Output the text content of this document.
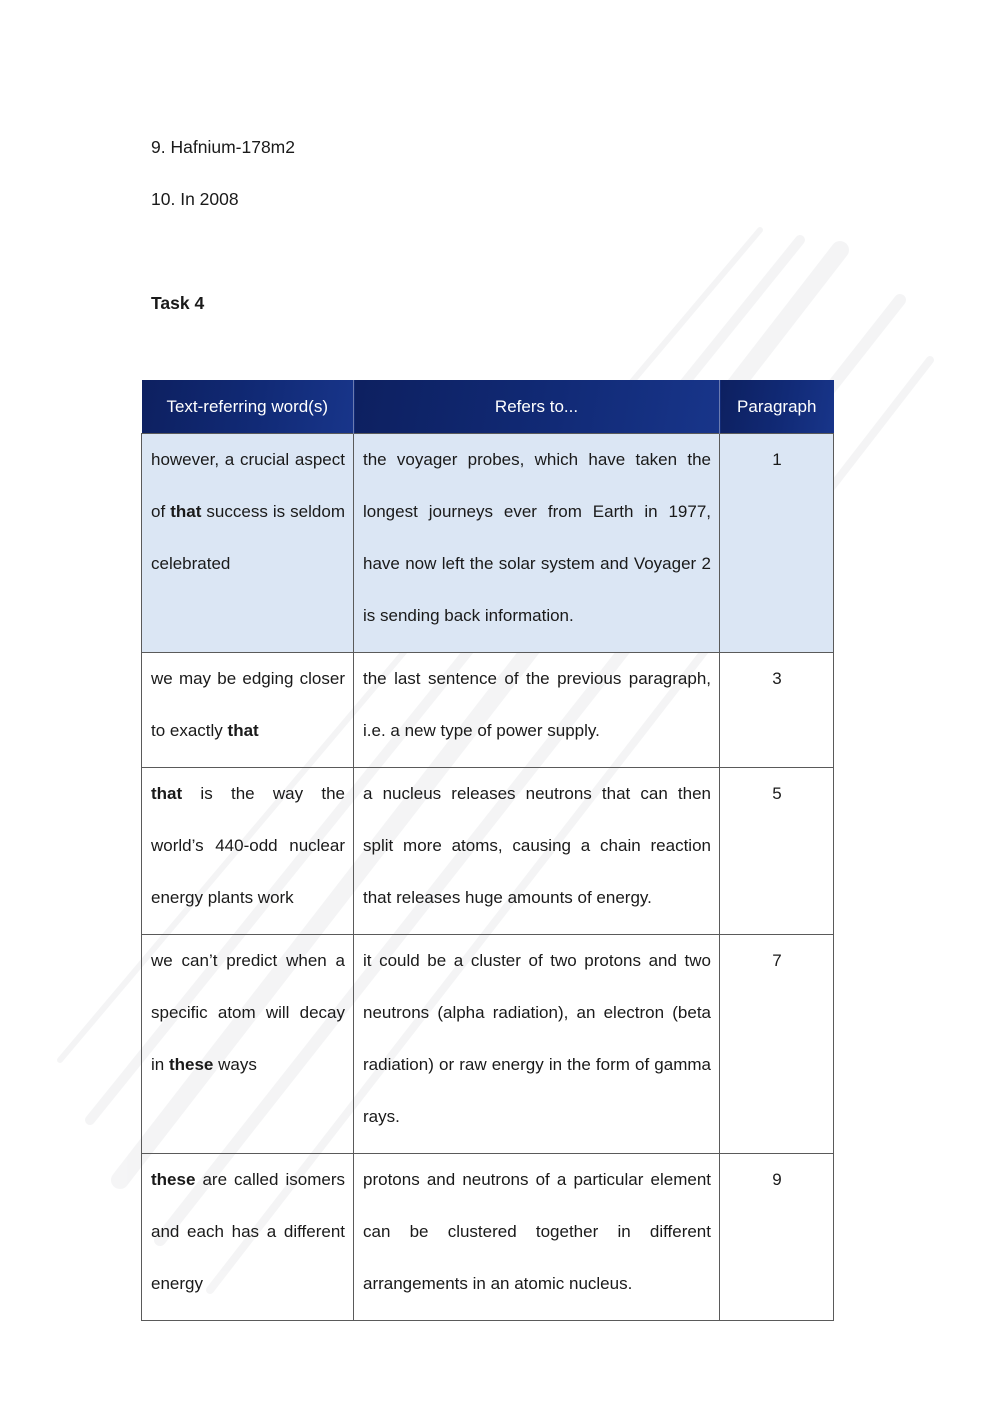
9. Hafnium-178m2
10. In 2008
Task 4
Text-referring word(s)	Refers to...	Paragraph

however, a crucial aspect of that success is seldom celebrated	the voyager probes, which have taken the longest journeys ever from Earth in 1977, have now left the solar system and Voyager 2 is sending back information.	1

we may be edging closer to exactly that	the last sentence of the previous paragraph, i.e. a new type of power supply.	3

that is the way the world’s 440-odd nuclear energy plants work	a nucleus releases neutrons that can then split more atoms, causing a chain reaction that releases huge amounts of energy.	5

we can’t predict when a specific atom will decay in these ways	it could be a cluster of two protons and two neutrons (alpha radiation), an electron (beta radiation) or raw energy in the form of gamma rays.	7

these are called isomers and each has a different energy	protons and neutrons of a particular element can be clustered together in different arrangements in an atomic nucleus.	9
